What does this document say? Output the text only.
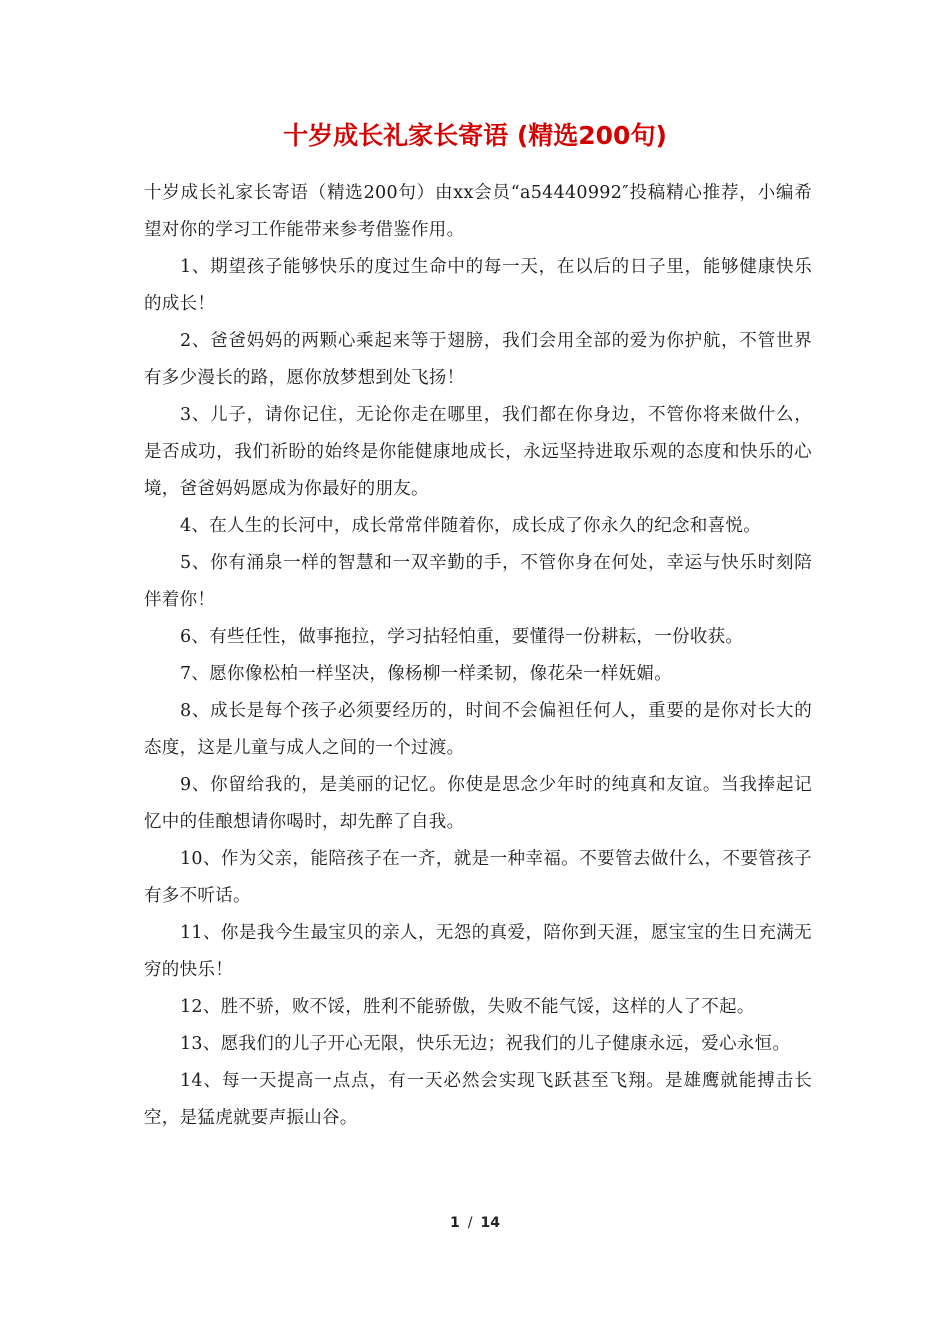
十岁成长礼家长寄语 (精选200句)

十岁成长礼家长寄语（精选200句）由xx会员“a54440992″投稿精心推荐，小编希望对你的学习工作能带来参考借鉴作用。

1、期望孩子能够快乐的度过生命中的每一天，在以后的日子里，能够健康快乐的成长！

2、爸爸妈妈的两颗心乘起来等于翅膀，我们会用全部的爱为你护航，不管世界有多少漫长的路，愿你放梦想到处飞扬！

3、儿子，请你记住，无论你走在哪里，我们都在你身边，不管你将来做什么，是否成功，我们祈盼的始终是你能健康地成长，永远坚持进取乐观的态度和快乐的心境，爸爸妈妈愿成为你最好的朋友。

4、在人生的长河中，成长常常伴随着你，成长成了你永久的纪念和喜悦。

5、你有涌泉一样的智慧和一双辛勤的手，不管你身在何处，幸运与快乐时刻陪伴着你！

6、有些任性，做事拖拉，学习拈轻怕重，要懂得一份耕耘，一份收获。

7、愿你像松柏一样坚决，像杨柳一样柔韧，像花朵一样妩媚。

8、成长是每个孩子必须要经历的，时间不会偏袒任何人，重要的是你对长大的态度，这是儿童与成人之间的一个过渡。

9、你留给我的，是美丽的记忆。你使是思念少年时的纯真和友谊。当我捧起记忆中的佳酿想请你喝时，却先醉了自我。

10、作为父亲，能陪孩子在一齐，就是一种幸福。不要管去做什么，不要管孩子有多不听话。

11、你是我今生最宝贝的亲人，无怨的真爱，陪你到天涯，愿宝宝的生日充满无穷的快乐！

12、胜不骄，败不馁，胜利不能骄傲，失败不能气馁，这样的人了不起。

13、愿我们的儿子开心无限，快乐无边；祝我们的儿子健康永远，爱心永恒。

14、每一天提高一点点，有一天必然会实现飞跃甚至飞翔。是雄鹰就能搏击长空，是猛虎就要声振山谷。

1 / 14
